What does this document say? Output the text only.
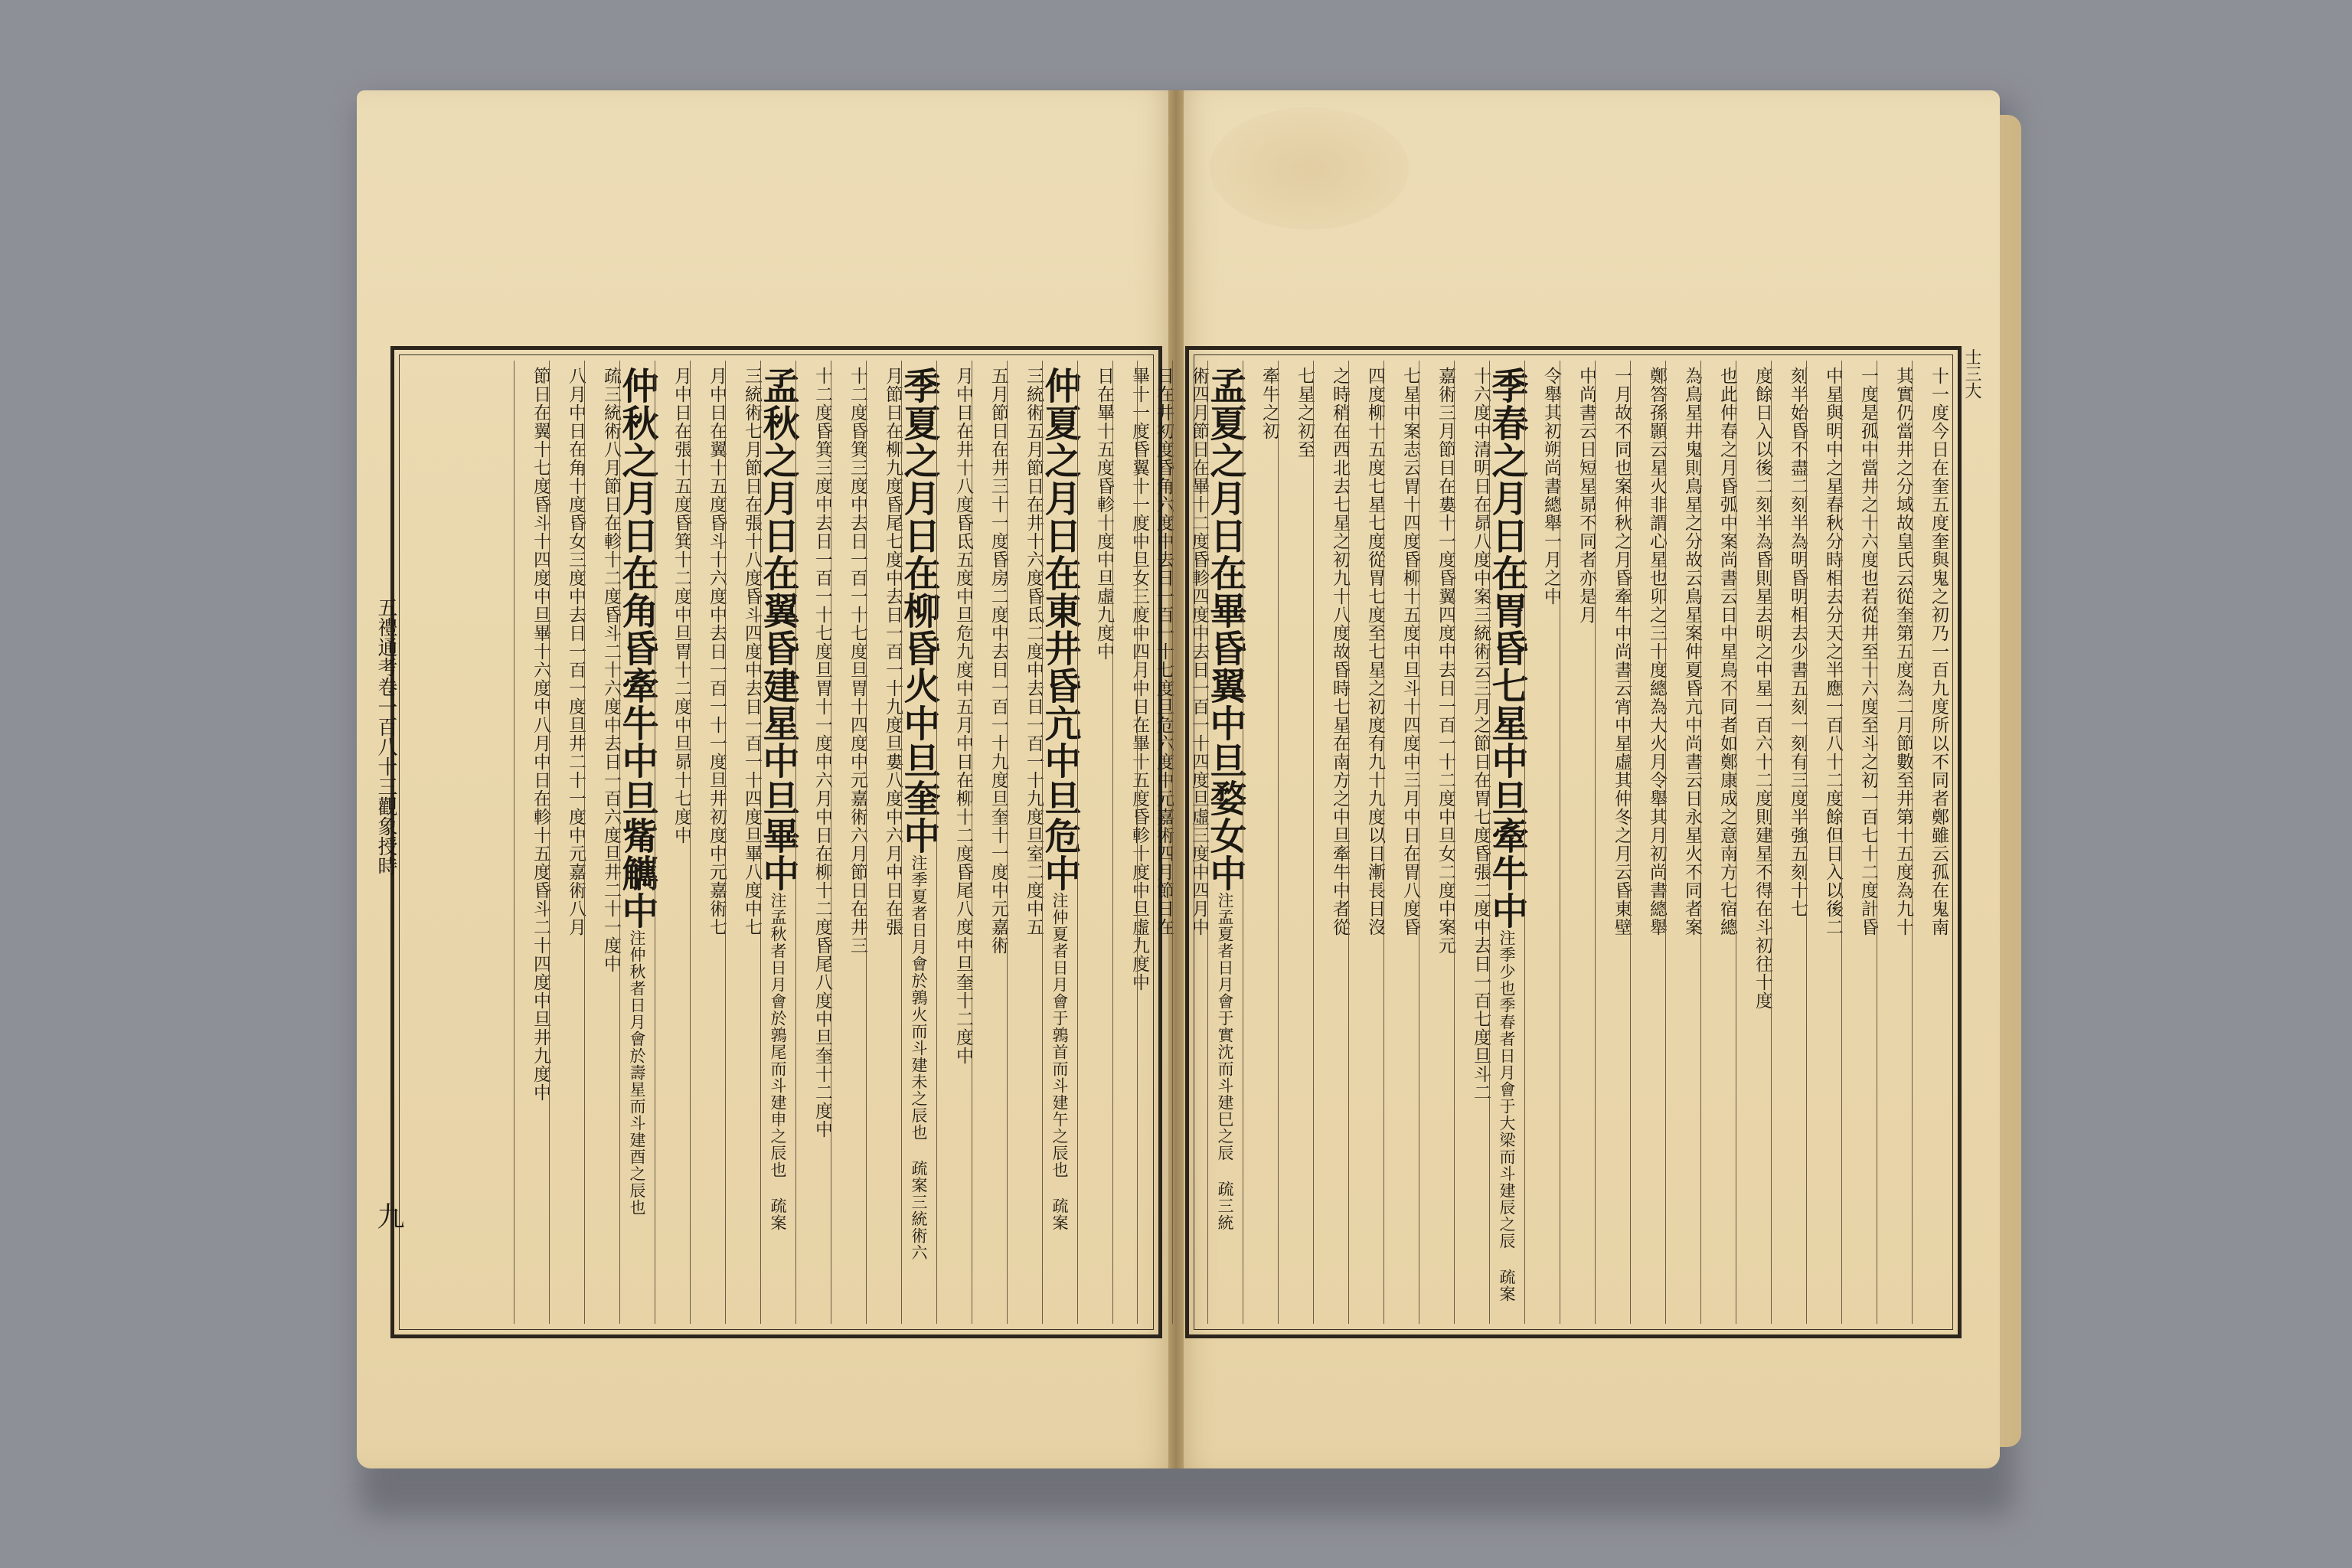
畢十一度昏翼十一度中旦女三度中四月中日在畢十五度昏軫十度中旦虛九度中
日在畢十五度昏軫十度中旦虛九度中
仲夏之月日在東井昏亢中旦危中注仲夏者日月會于鶉首而斗建午之辰也 疏案
三統術五月節日在井十六度昏氐二度中去日一百一十九度旦室二度中五
五月節日在井三十一度昏房二度中去日一百一十九度旦奎十一度中元嘉術
月中日在井十八度昏氐五度中旦危九度中五月中日在柳十二度昏尾八度中旦奎十二度中
季夏之月日在柳昏火中旦奎中注季夏者日月會於鶉火而斗建未之辰也 疏案三統術六
月節日在柳九度昏尾七度中去日一百一十九度旦婁八度中六月中日在張
十二度昏箕三度中去日一百一十七度旦胃十四度中元嘉術六月節日在井三
十二度昏箕三度中去日一百一十七度旦胃十一度中六月中日在柳十二度昏尾八度中旦奎十二度中
孟秋之月日在翼昏建星中旦畢中注孟秋者日月會於鶉尾而斗建申之辰也 疏案
三統術七月節日在張十八度昏斗四度中去日一百一十四度旦畢八度中七
月中日在翼十五度昏斗十六度中去日一百一十一度旦井初度中元嘉術七
月中日在張十五度昏箕十二度中旦胃十二度中旦昴十七度中
仲秋之月日在角昏牽牛中旦觜觽中注仲秋者日月會於壽星而斗建酉之辰也
疏三統術八月節日在軫十二度昏斗二十六度中去日一百六度旦井二十一度中
八月中日在角十度昏女三度中去日一百一度旦井二十一度中元嘉術八月
節日在翼十七度昏斗十四度中旦畢十六度中八月中日在軫十五度昏斗二十四度中旦井九度中	十一度今日在奎五度奎與鬼之初乃一百九度所以不同者鄭雖云孤在鬼南
其實仍當井之分域故皇氏云從奎第五度為二月節數至井第十五度為九十
一度是孤中當井之十六度也若從井至十六度至斗之初一百七十二度計昏
中星與明中之星春秋分時相去分天之半應一百八十二度餘但日入以後二
刻半始昏不盡二刻半為明昏明相去少書五刻一刻有三度半強五刻十七
度餘日入以後二刻半為昏則星去明之中星一百六十二度則建星不得在斗初往十度
也此仲春之月昏弧中案尚書云日中星鳥不同者如鄭康成之意南方七宿總
為鳥星井鬼則鳥星之分故云鳥星案仲夏昏亢中尚書云日永星火不同者案
鄭答孫顥云星火非謂心星也卯之三十度總為大火月令舉其月初尚書總舉
一月故不同也案仲秋之月昏牽牛中尚書云宵中星虛其仲冬之月云昏東壁
中尚書云日短星昴不同者亦是月
令舉其初朔尚書總舉一月之中
季春之月日在胃昏七星中旦牽牛中注季少也季春者日月會于大梁而斗建辰之辰 疏案
十六度中清明日在昴八度中案三統術云三月之節日在胃七度昏張二度中去日一百七度旦斗二
嘉術三月節日在婁十一度昏翼四度中去日一百一十二度中旦女二度中案元
七星中案志云胃十四度昏柳十五度中旦斗十四度中三月中日在胃八度昏
四度柳十五度七星七度從胃七度至七星之初度有九十九度以日漸長日沒
之時稍在西北去七星之初九十八度故昏時七星在南方之中旦牽牛中者從
七星之初至
牽牛之初
孟夏之月日在畢昏翼中旦婺女中注孟夏者日月會于實沈而斗建巳之辰 疏三統
術四月節日在畢十二度昏軫四度中去日一百一十四度旦虛三度中四月中
日在井初度昏角六度中去日一百一十七度旦危六度中元嘉術四月節日在
五禮通考卷一百八十三觀象授時
九
士三大
